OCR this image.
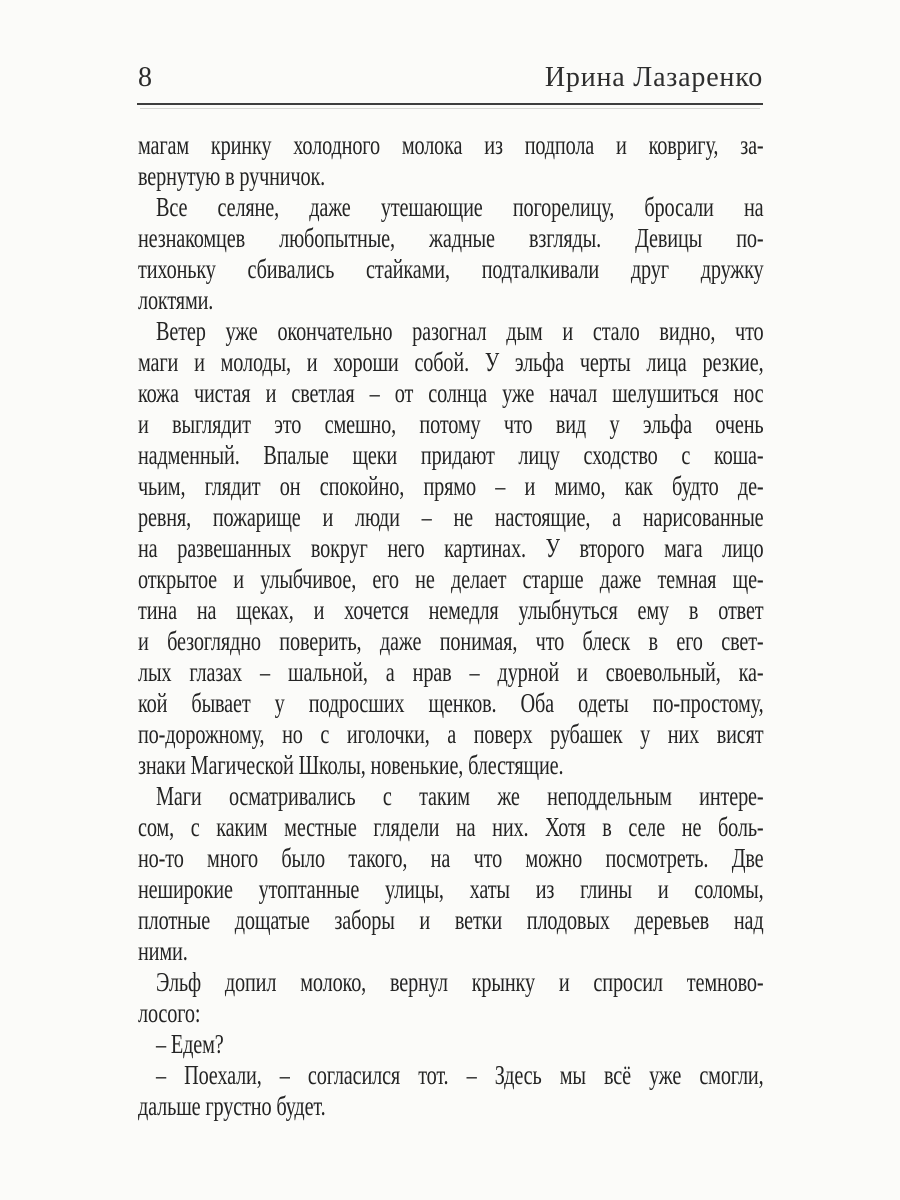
8	Ирина Лазаренко
магам кринку холодного молока из подпола и ковригу, за-
вернутую в ручничок.
Все селяне, даже утешающие погорелицу, бросали на
незнакомцев любопытные, жадные взгляды. Девицы по-
тихоньку сбивались стайками, подталкивали друг дружку
локтями.
Ветер уже окончательно разогнал дым и стало видно, что
маги и молоды, и хороши собой. У эльфа черты лица резкие,
кожа чистая и светлая – от солнца уже начал шелушиться нос
и выглядит это смешно, потому что вид у эльфа очень
надменный. Впалые щеки придают лицу сходство с коша-
чьим, глядит он спокойно, прямо – и мимо, как будто де-
ревня, пожарище и люди – не настоящие, а нарисованные
на развешанных вокруг него картинах. У второго мага лицо
открытое и улыбчивое, его не делает старше даже темная ще-
тина на щеках, и хочется немедля улыбнуться ему в ответ
и безоглядно поверить, даже понимая, что блеск в его свет-
лых глазах – шальной, а нрав – дурной и своевольный, ка-
кой бывает у подросших щенков. Оба одеты по-простому,
по-дорожному, но с иголочки, а поверх рубашек у них висят
знаки Магической Школы, новенькие, блестящие.
Маги осматривались с таким же неподдельным интере-
сом, с каким местные глядели на них. Хотя в селе не боль-
но-то много было такого, на что можно посмотреть. Две
неширокие утоптанные улицы, хаты из глины и соломы,
плотные дощатые заборы и ветки плодовых деревьев над
ними.
Эльф допил молоко, вернул крынку и спросил темново-
лосого:
– Едем?
– Поехали, – согласился тот. – Здесь мы всё уже смогли,
дальше грустно будет.
